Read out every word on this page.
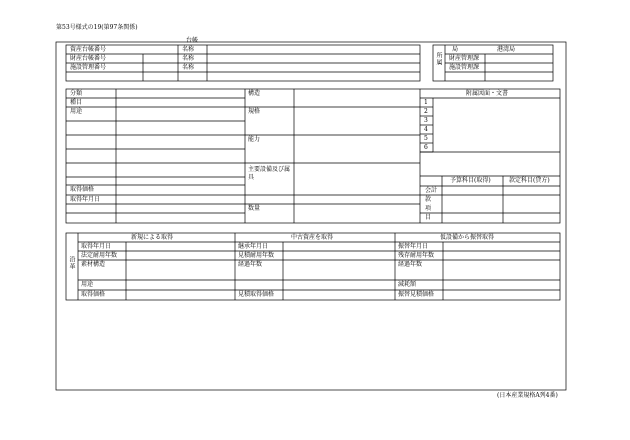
第53号様式の19(第97条関係)
台帳
資産台帳番号
財産台帳番号
施設管理番号
名称
名称
名称
所属
局	港湾局
財産管理課
施設管理課
分類
種目
用途
取得価格
取得年月日
構造
規格
能力
主要設備及び属具
数量
附属図面・文書
1
2
3
4
5
6
予算科目(取得)	款定科目(貸方)
会計
款
項
目
沿革
新規による取得
取得年月日
法定耐用年数
素材構造
用途
取得価格
中古資産を取得
継承年月日
見積耐用年数
経過年数
見積取得価格
仮設備から振替取得
振替年月日
残存耐用年数
経過年数
減耗額
振替見積価格
(日本産業規格A列4番)
